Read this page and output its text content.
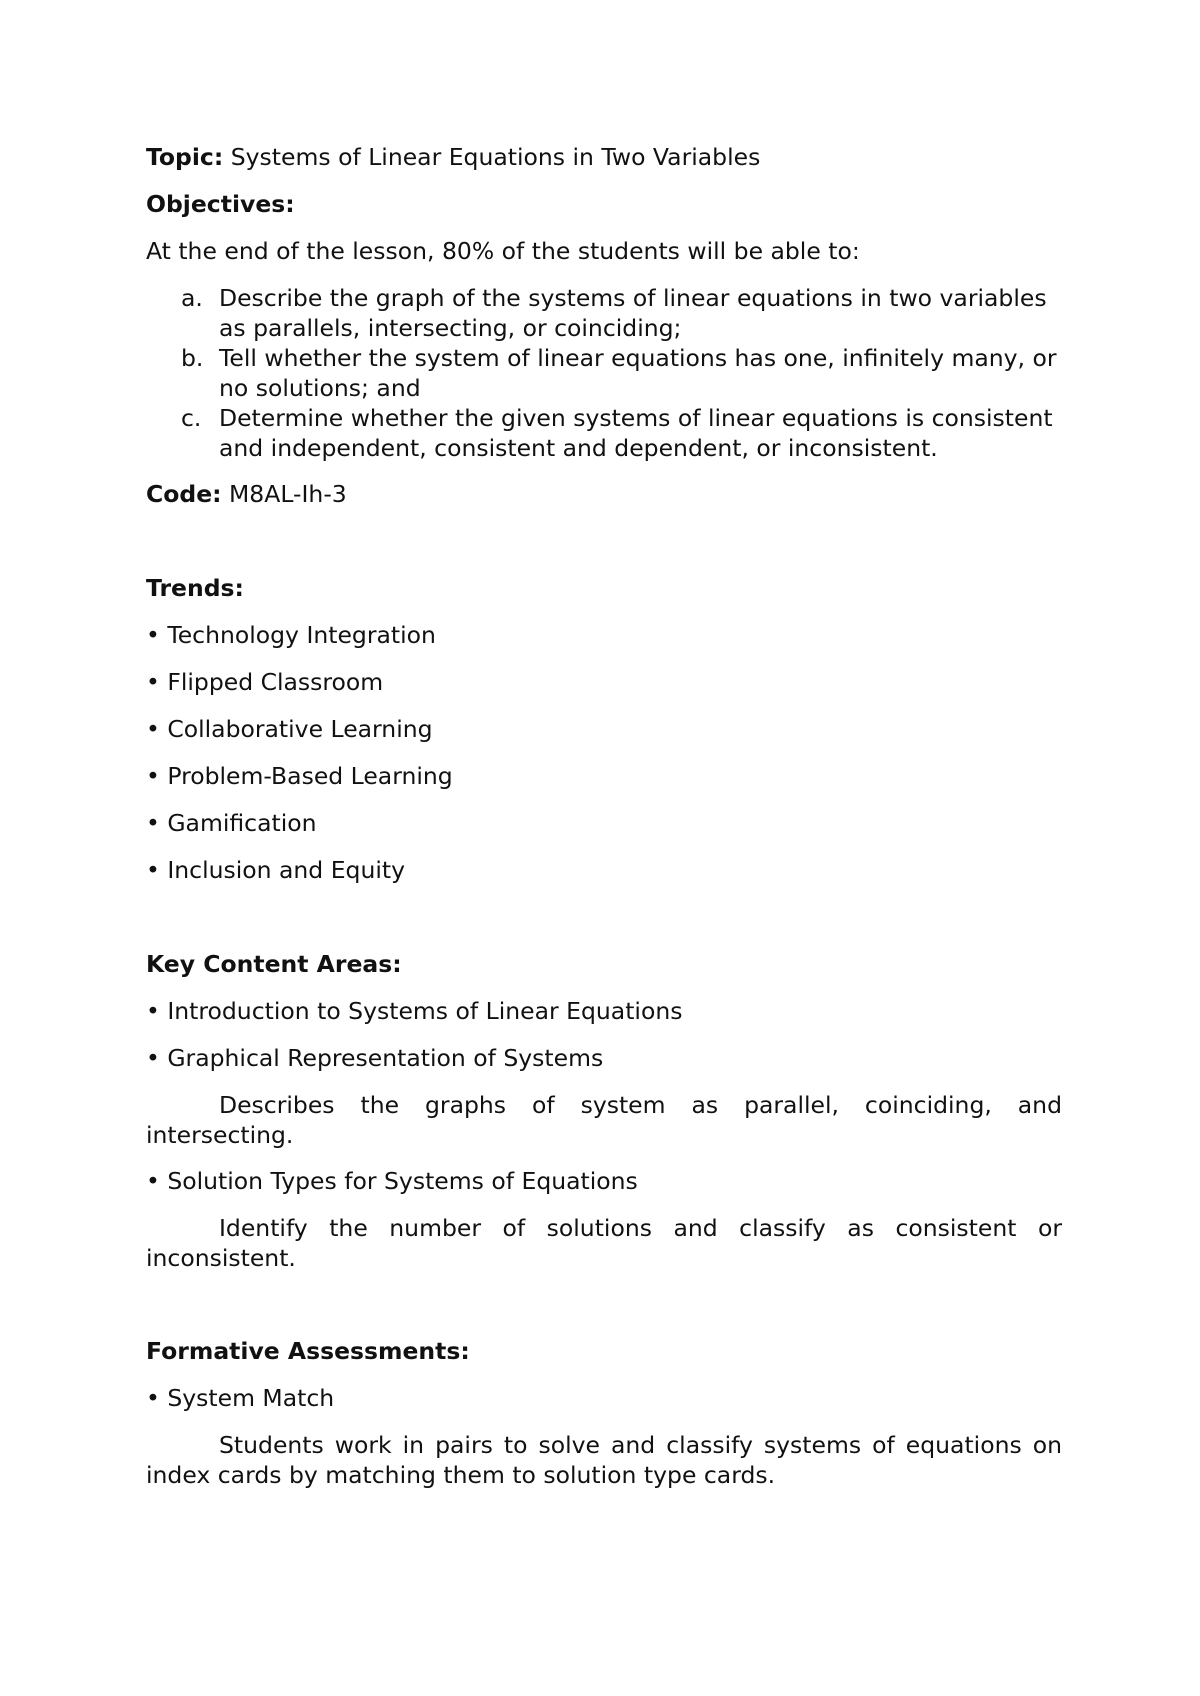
Topic: Systems of Linear Equations in Two Variables

Objectives:

At the end of the lesson, 80% of the students will be able to:

a. Describe the graph of the systems of linear equations in two variables as parallels, intersecting, or coinciding;
b. Tell whether the system of linear equations has one, infinitely many, or no solutions; and
c. Determine whether the given systems of linear equations is consistent and independent, consistent and dependent, or inconsistent.

Code: M8AL-Ih-3

Trends:

• Technology Integration

• Flipped Classroom

• Collaborative Learning

• Problem-Based Learning

• Gamification

• Inclusion and Equity

Key Content Areas:

• Introduction to Systems of Linear Equations

• Graphical Representation of Systems

Describes the graphs of system as parallel, coinciding, and intersecting.

• Solution Types for Systems of Equations

Identify the number of solutions and classify as consistent or inconsistent.

Formative Assessments:

• System Match

Students work in pairs to solve and classify systems of equations on index cards by matching them to solution type cards.
